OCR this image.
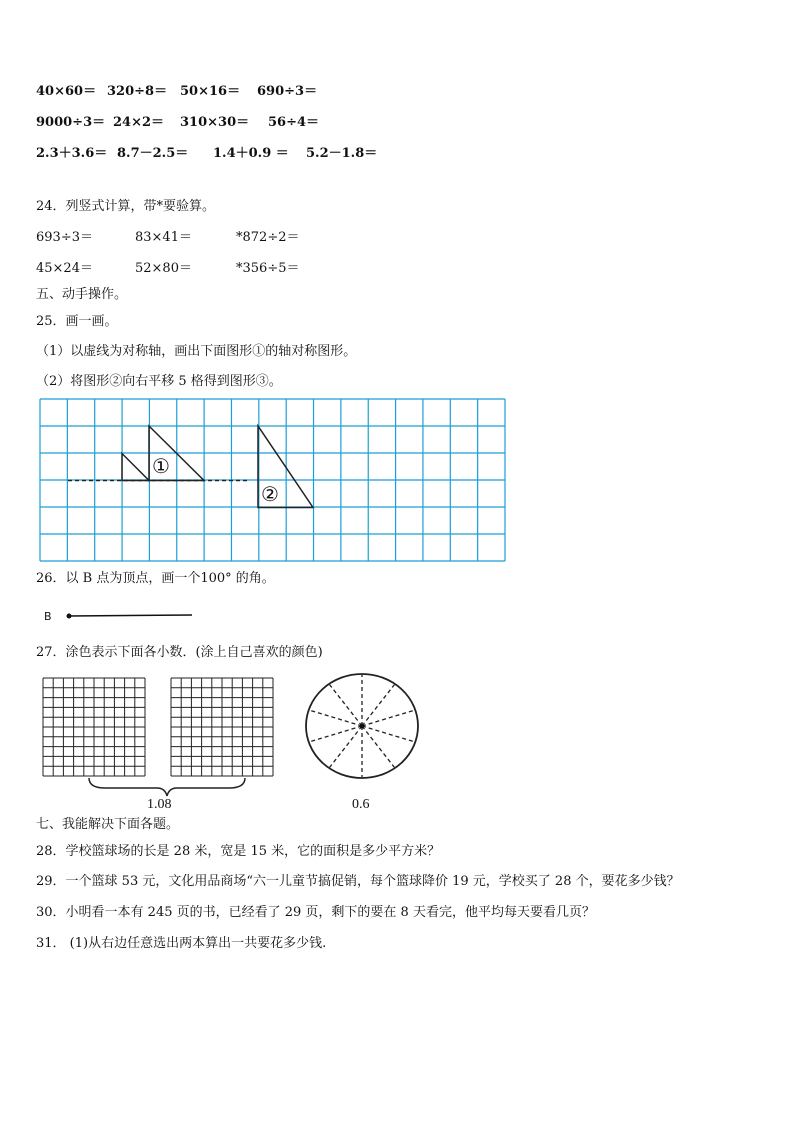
40×60＝ 320÷8＝ 50×16＝ 690÷3＝
9000÷3＝ 24×2＝ 310×30＝ 56÷4＝
2.3＋3.6＝ 8.7－2.5＝ 1.4＋0.9 ＝ 5.2－1.8＝
24．列竖式计算，带*要验算。
693÷3＝	83×41＝	*872÷2＝
45×24＝	52×80＝	*356÷5＝
五、动手操作。
25．画一画。
（1）以虚线为对称轴，画出下面图形①的轴对称图形。
（2）将图形②向右平移 5 格得到图形③。
①
②
26．以 B 点为顶点，画一个100° 的角。
B
27．涂色表示下面各小数．(涂上自己喜欢的颜色)
1.08	0.6
七、我能解决下面各题。
28．学校篮球场的长是 28 米，宽是 15 米，它的面积是多少平方米？
29．一个篮球 53 元，文化用品商场“六一儿童节搞促销，每个篮球降价 19 元，学校买了 28 个，要花多少钱？
30．小明看一本有 245 页的书，已经看了 29 页，剩下的要在 8 天看完，他平均每天要看几页？
31． (1)从右边任意选出两本算出一共要花多少钱.
